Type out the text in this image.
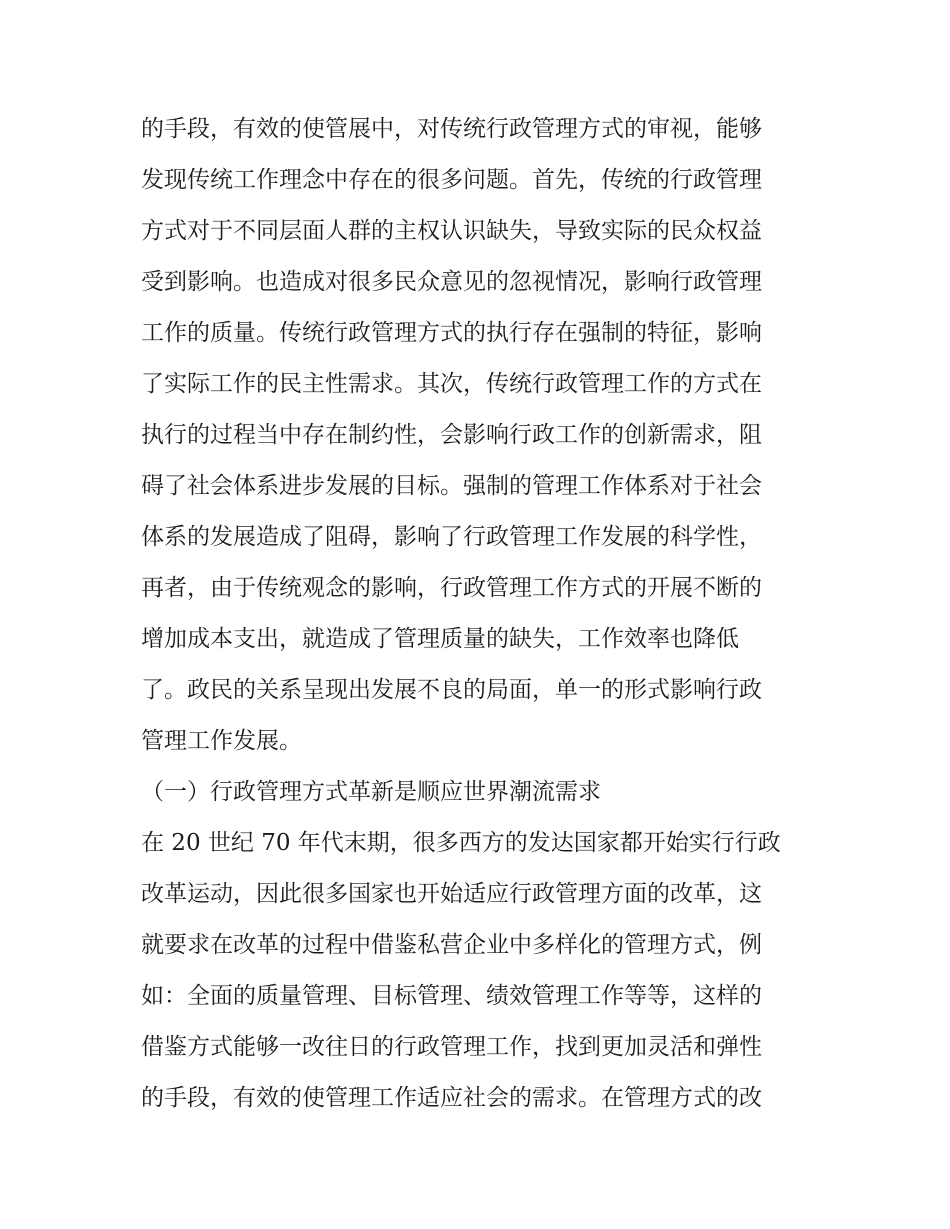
的手段，有效的使管展中，对传统行政管理方式的审视，能够
发现传统工作理念中存在的很多问题。首先，传统的行政管理
方式对于不同层面人群的主权认识缺失，导致实际的民众权益
受到影响。也造成对很多民众意见的忽视情况，影响行政管理
工作的质量。传统行政管理方式的执行存在强制的特征，影响
了实际工作的民主性需求。其次，传统行政管理工作的方式在
执行的过程当中存在制约性，会影响行政工作的创新需求，阻
碍了社会体系进步发展的目标。强制的管理工作体系对于社会
体系的发展造成了阻碍，影响了行政管理工作发展的科学性，
再者，由于传统观念的影响，行政管理工作方式的开展不断的
增加成本支出，就造成了管理质量的缺失，工作效率也降低
了。政民的关系呈现出发展不良的局面，单一的形式影响行政
管理工作发展。
（一）行政管理方式革新是顺应世界潮流需求
在 20 世纪 70 年代末期，很多西方的发达国家都开始实行行政
改革运动，因此很多国家也开始适应行政管理方面的改革，这
就要求在改革的过程中借鉴私营企业中多样化的管理方式，例
如：全面的质量管理、目标管理、绩效管理工作等等，这样的
借鉴方式能够一改往日的行政管理工作，找到更加灵活和弹性
的手段，有效的使管理工作适应社会的需求。在管理方式的改
